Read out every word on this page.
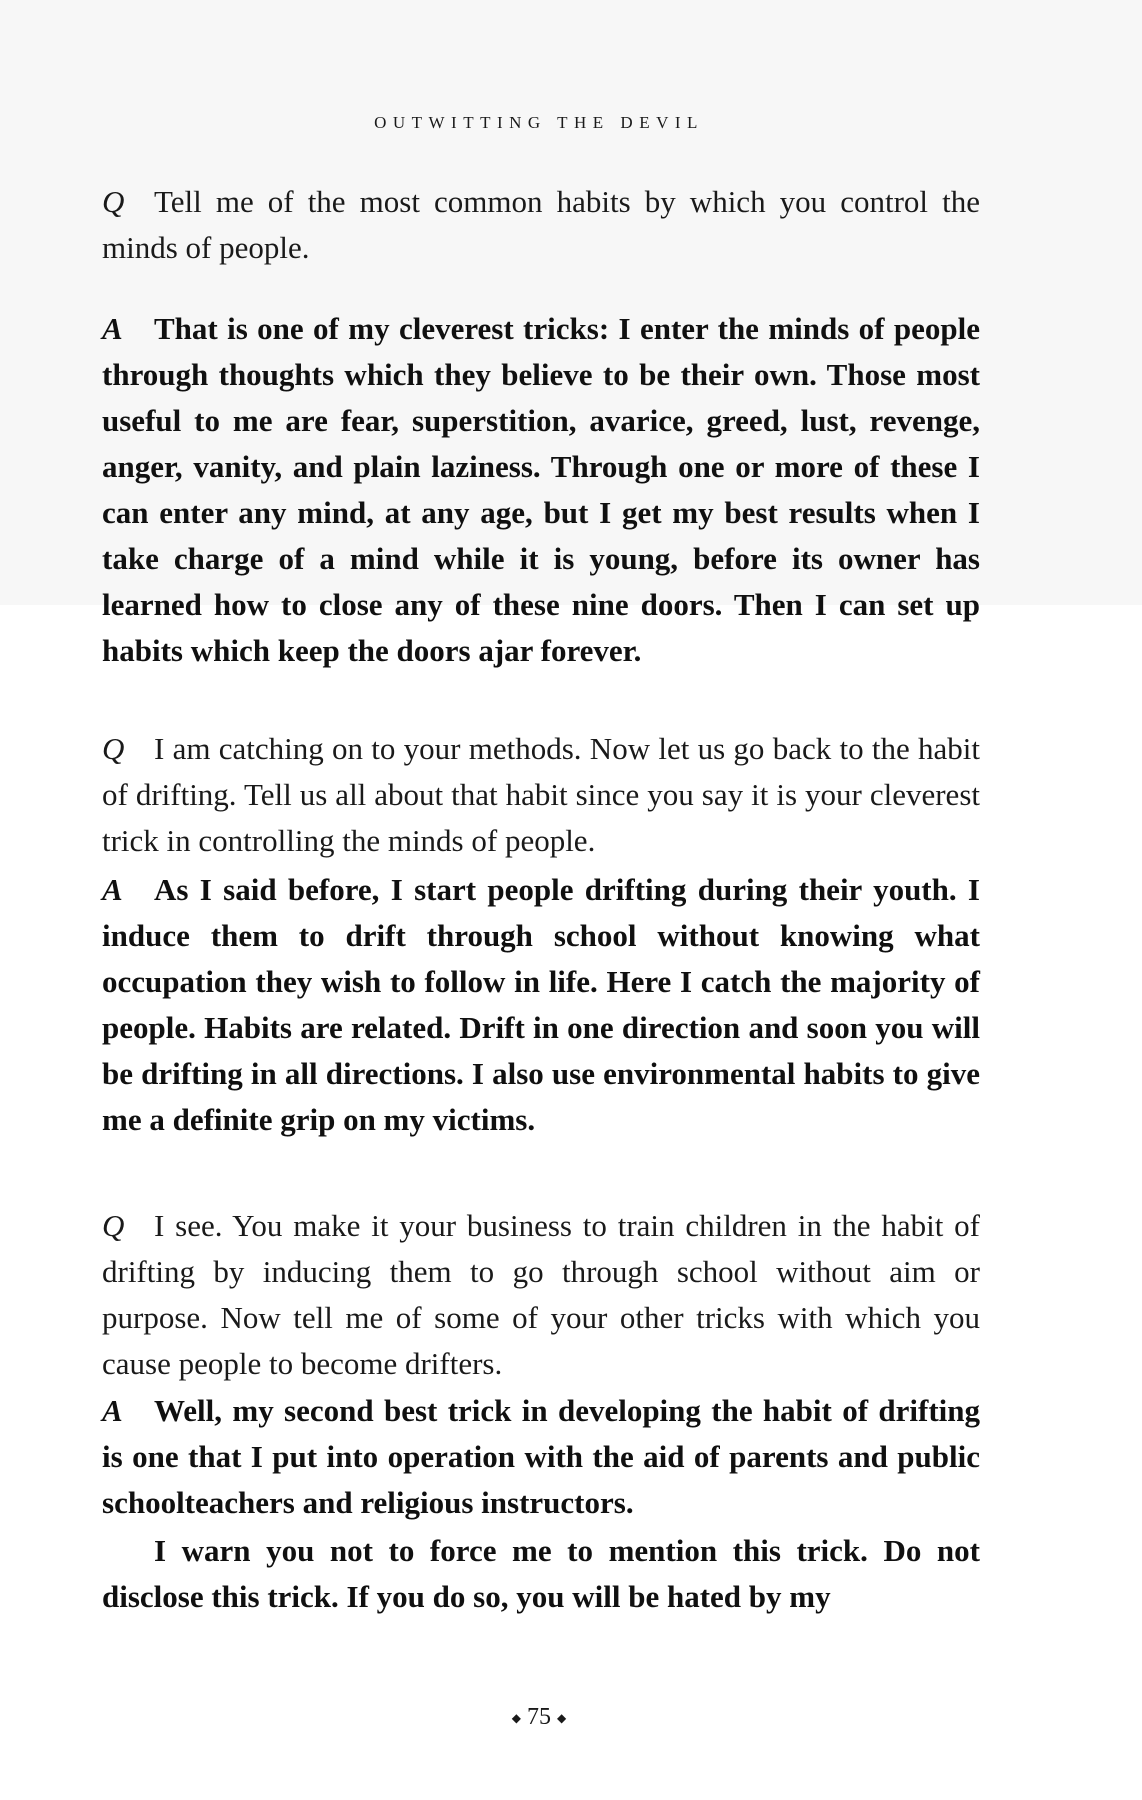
OUTWITTING THE DEVIL

Q Tell me of the most common habits by which you control the minds of people.

A That is one of my cleverest tricks: I enter the minds of people through thoughts which they believe to be their own. Those most useful to me are fear, superstition, avarice, greed, lust, revenge, anger, vanity, and plain laziness. Through one or more of these I can enter any mind, at any age, but I get my best results when I take charge of a mind while it is young, before its owner has learned how to close any of these nine doors. Then I can set up habits which keep the doors ajar forever.

Q I am catching on to your methods. Now let us go back to the habit of drifting. Tell us all about that habit since you say it is your cleverest trick in controlling the minds of people.

A As I said before, I start people drifting during their youth. I induce them to drift through school without knowing what occupation they wish to follow in life. Here I catch the majority of people. Habits are related. Drift in one direction and soon you will be drifting in all directions. I also use environmental habits to give me a definite grip on my victims.

Q I see. You make it your business to train children in the habit of drifting by inducing them to go through school without aim or purpose. Now tell me of some of your other tricks with which you cause people to become drifters.

A Well, my second best trick in developing the habit of drifting is one that I put into operation with the aid of parents and public schoolteachers and religious instructors.

I warn you not to force me to mention this trick. Do not disclose this trick. If you do so, you will be hated by my

◆ 75 ◆
